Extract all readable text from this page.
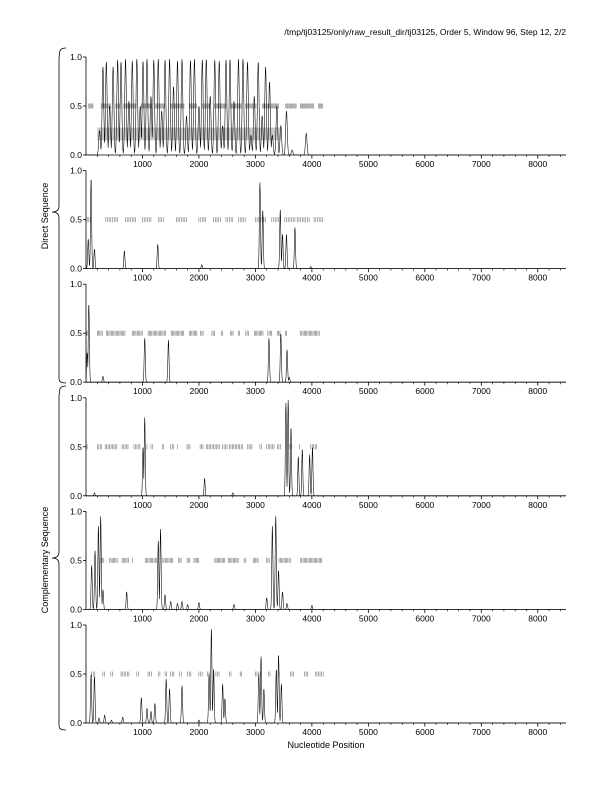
/tmp/tj03125/only/raw_result_dir/tj03125, Order 5, Window 96, Step 12, 2/2
0.0
0.5
1.0
1000	2000	3000	4000	5000	6000	7000	8000
0.0
0.5
1.0
1000	2000	3000	4000	5000	6000	7000	8000
0.0
0.5
1.0
1000	2000	3000	4000	5000	6000	7000	8000
0.0
0.5
1.0
1000	2000	3000	4000	5000	6000	7000	8000
0.0
0.5
1.0
1000	2000	3000	4000	5000	6000	7000	8000
0.0
0.5
1.0
1000	2000	3000	4000	5000	6000	7000	8000
Direct Sequence
Complementary Sequence
Nucleotide Position
